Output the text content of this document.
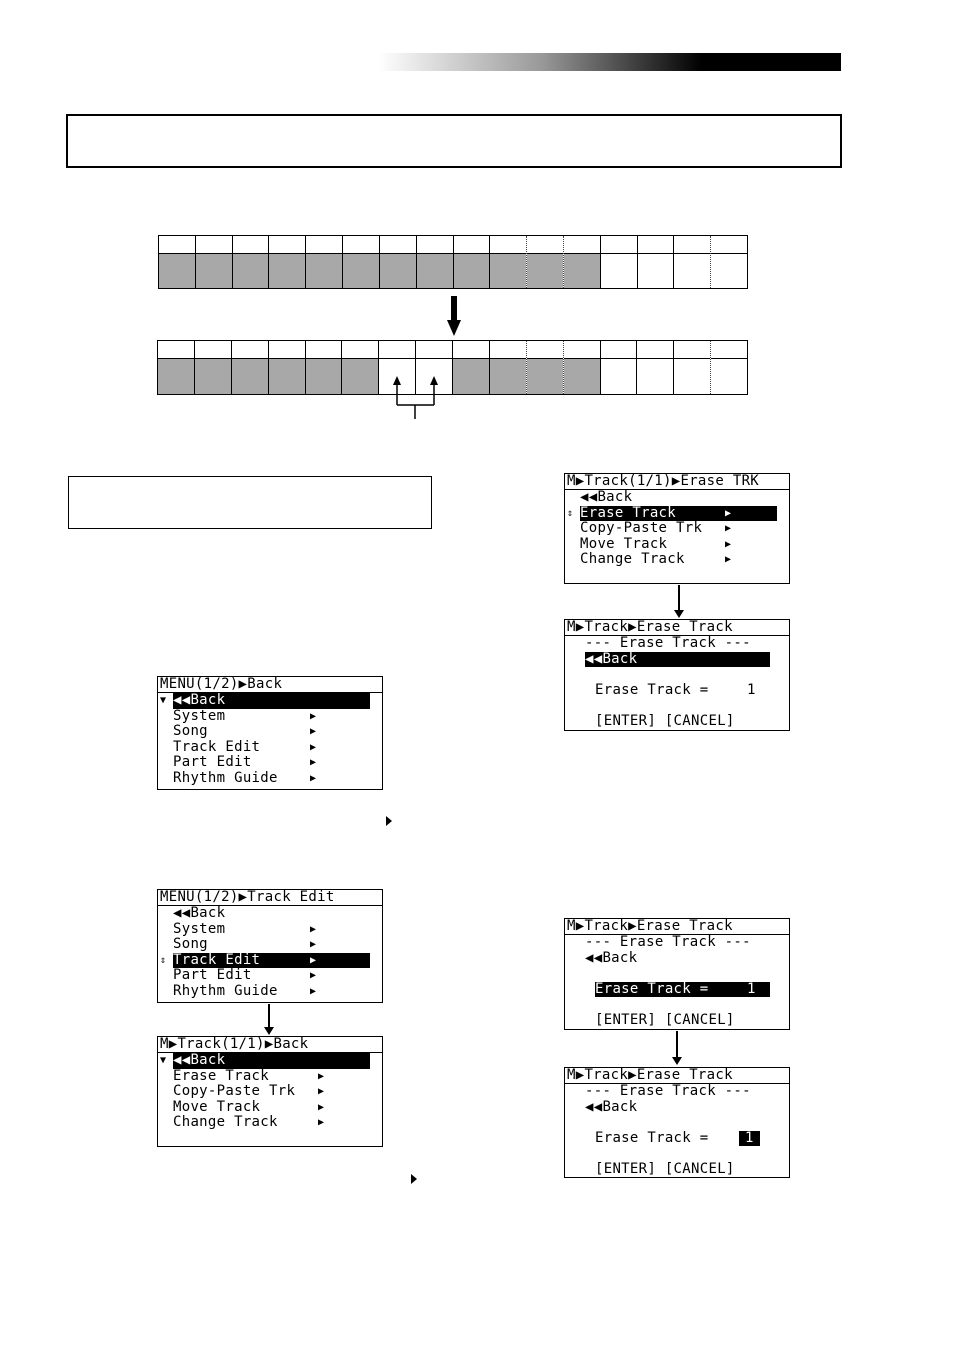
MENU(1/2)▶Back
▼ ◀◀Back
System	▶
Song	▶
Track Edit	▶
Part Edit	▶
Rhythm Guide	▶
MENU(1/2)▶Track Edit
◀◀Back
System	▶
Song	▶
⇕ Track Edit	▶
Part Edit	▶
Rhythm Guide	▶
M▶Track(1/1)▶Back
▼ ◀◀Back
Erase Track	▶
Copy-Paste Trk ▶
Move Track	▶
Change Track	▶
M▶Track(1/1)▶Erase TRK
◀◀Back
⇕ Erase Track	▶
Copy-Paste Trk ▶
Move Track	▶
Change Track	▶
M▶Track▶Erase Track
--- Erase Track ---
◀◀Back
Erase Track =	1
[ENTER] [CANCEL]
M▶Track▶Erase Track
--- Erase Track ---
◀◀Back
Erase Track =	1
[ENTER] [CANCEL]
M▶Track▶Erase Track
--- Erase Track ---
◀◀Back
Erase Track =	1
[ENTER] [CANCEL]
